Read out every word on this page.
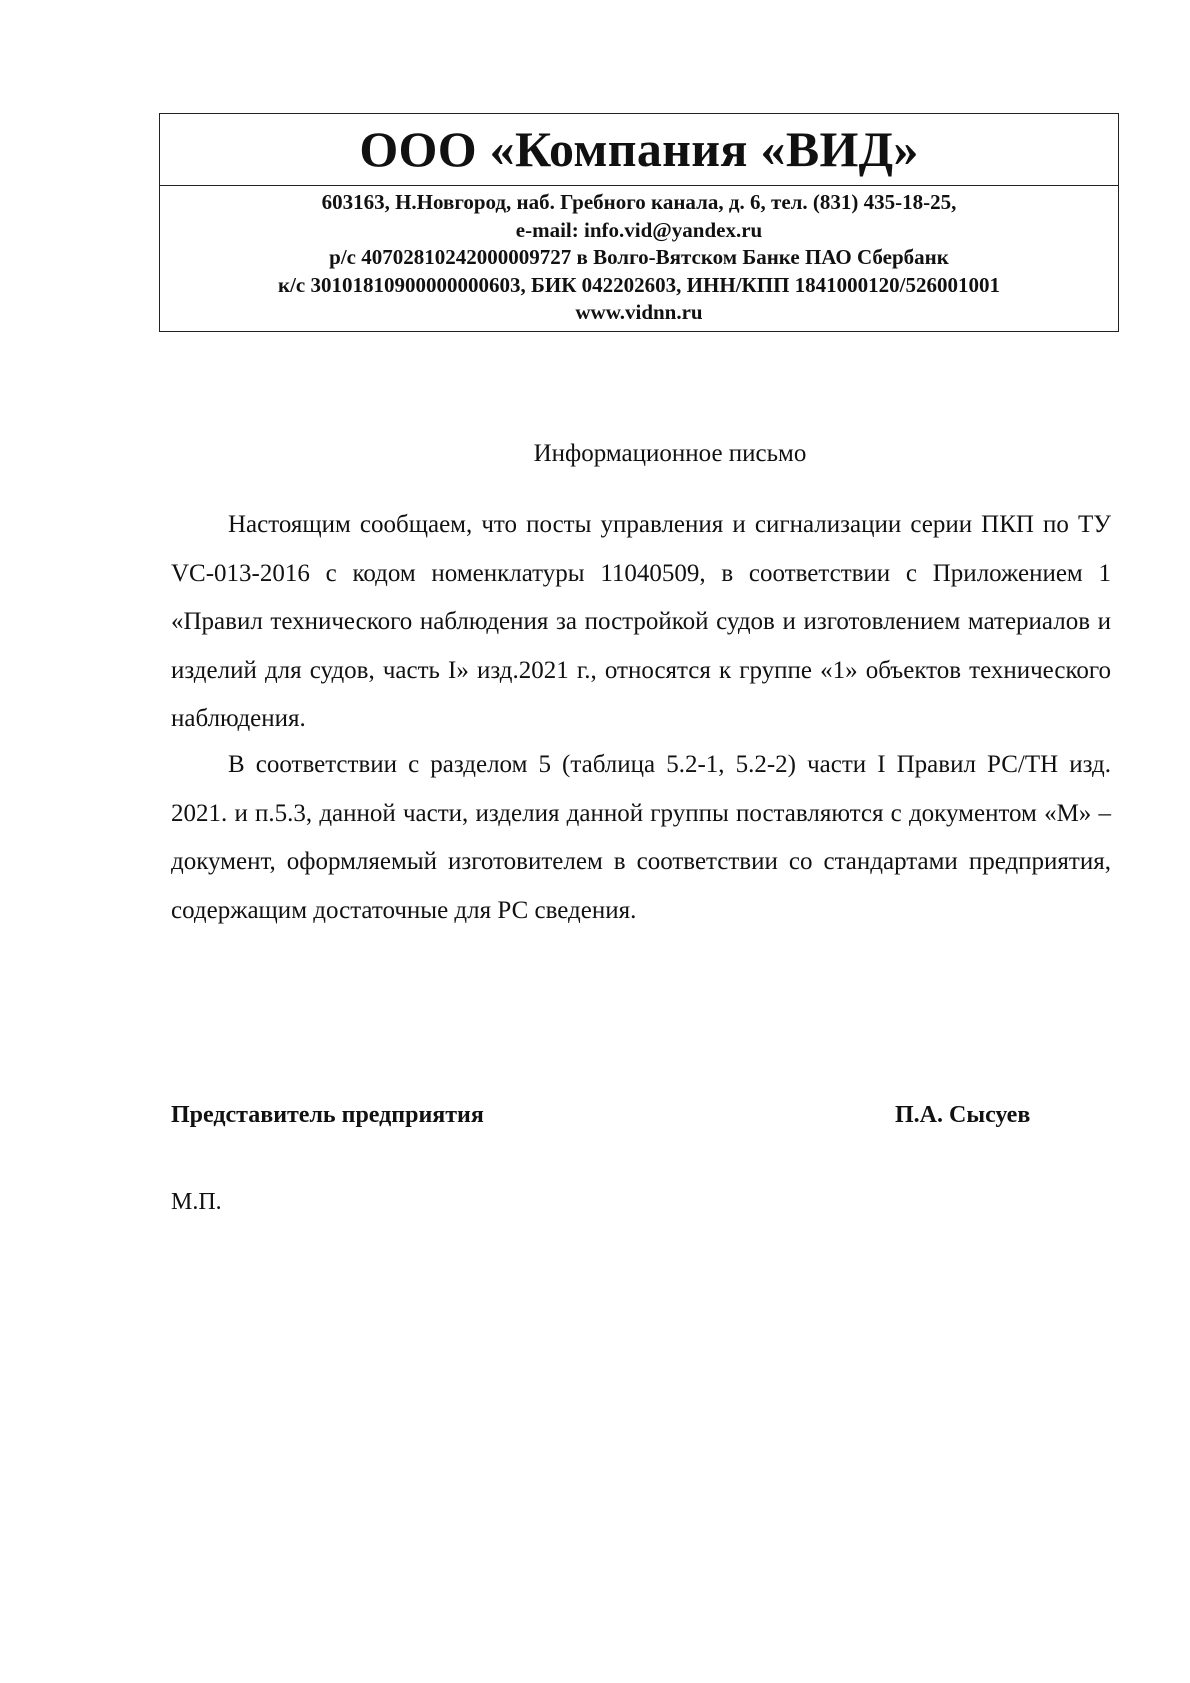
ООО «Компания «ВИД»
603163, Н.Новгород, наб. Гребного канала, д. 6, тел. (831) 435-18-25,
e-mail: info.vid@yandex.ru
р/с 40702810242000009727 в Волго-Вятском Банке ПАО Сбербанк
к/с 30101810900000000603, БИК 042202603, ИНН/КПП 1841000120/526001001
www.vidnn.ru
Информационное письмо

Настоящим сообщаем, что посты управления и сигнализации серии ПКП по ТУ VC-013-2016 с кодом номенклатуры 11040509, в соответствии с Приложением 1 «Правил технического наблюдения за постройкой судов и изготовлением материалов и изделий для судов, часть I» изд.2021 г., относятся к группе «1» объектов технического наблюдения.

В соответствии с разделом 5 (таблица 5.2-1, 5.2-2) части I Правил РС/ТН изд. 2021. и п.5.3, данной части, изделия данной группы поставляются с документом «М» – документ, оформляемый изготовителем в соответствии со стандартами предприятия, содержащим достаточные для РС сведения.

Представитель предприятия	П.А. Сысуев
М.П.
